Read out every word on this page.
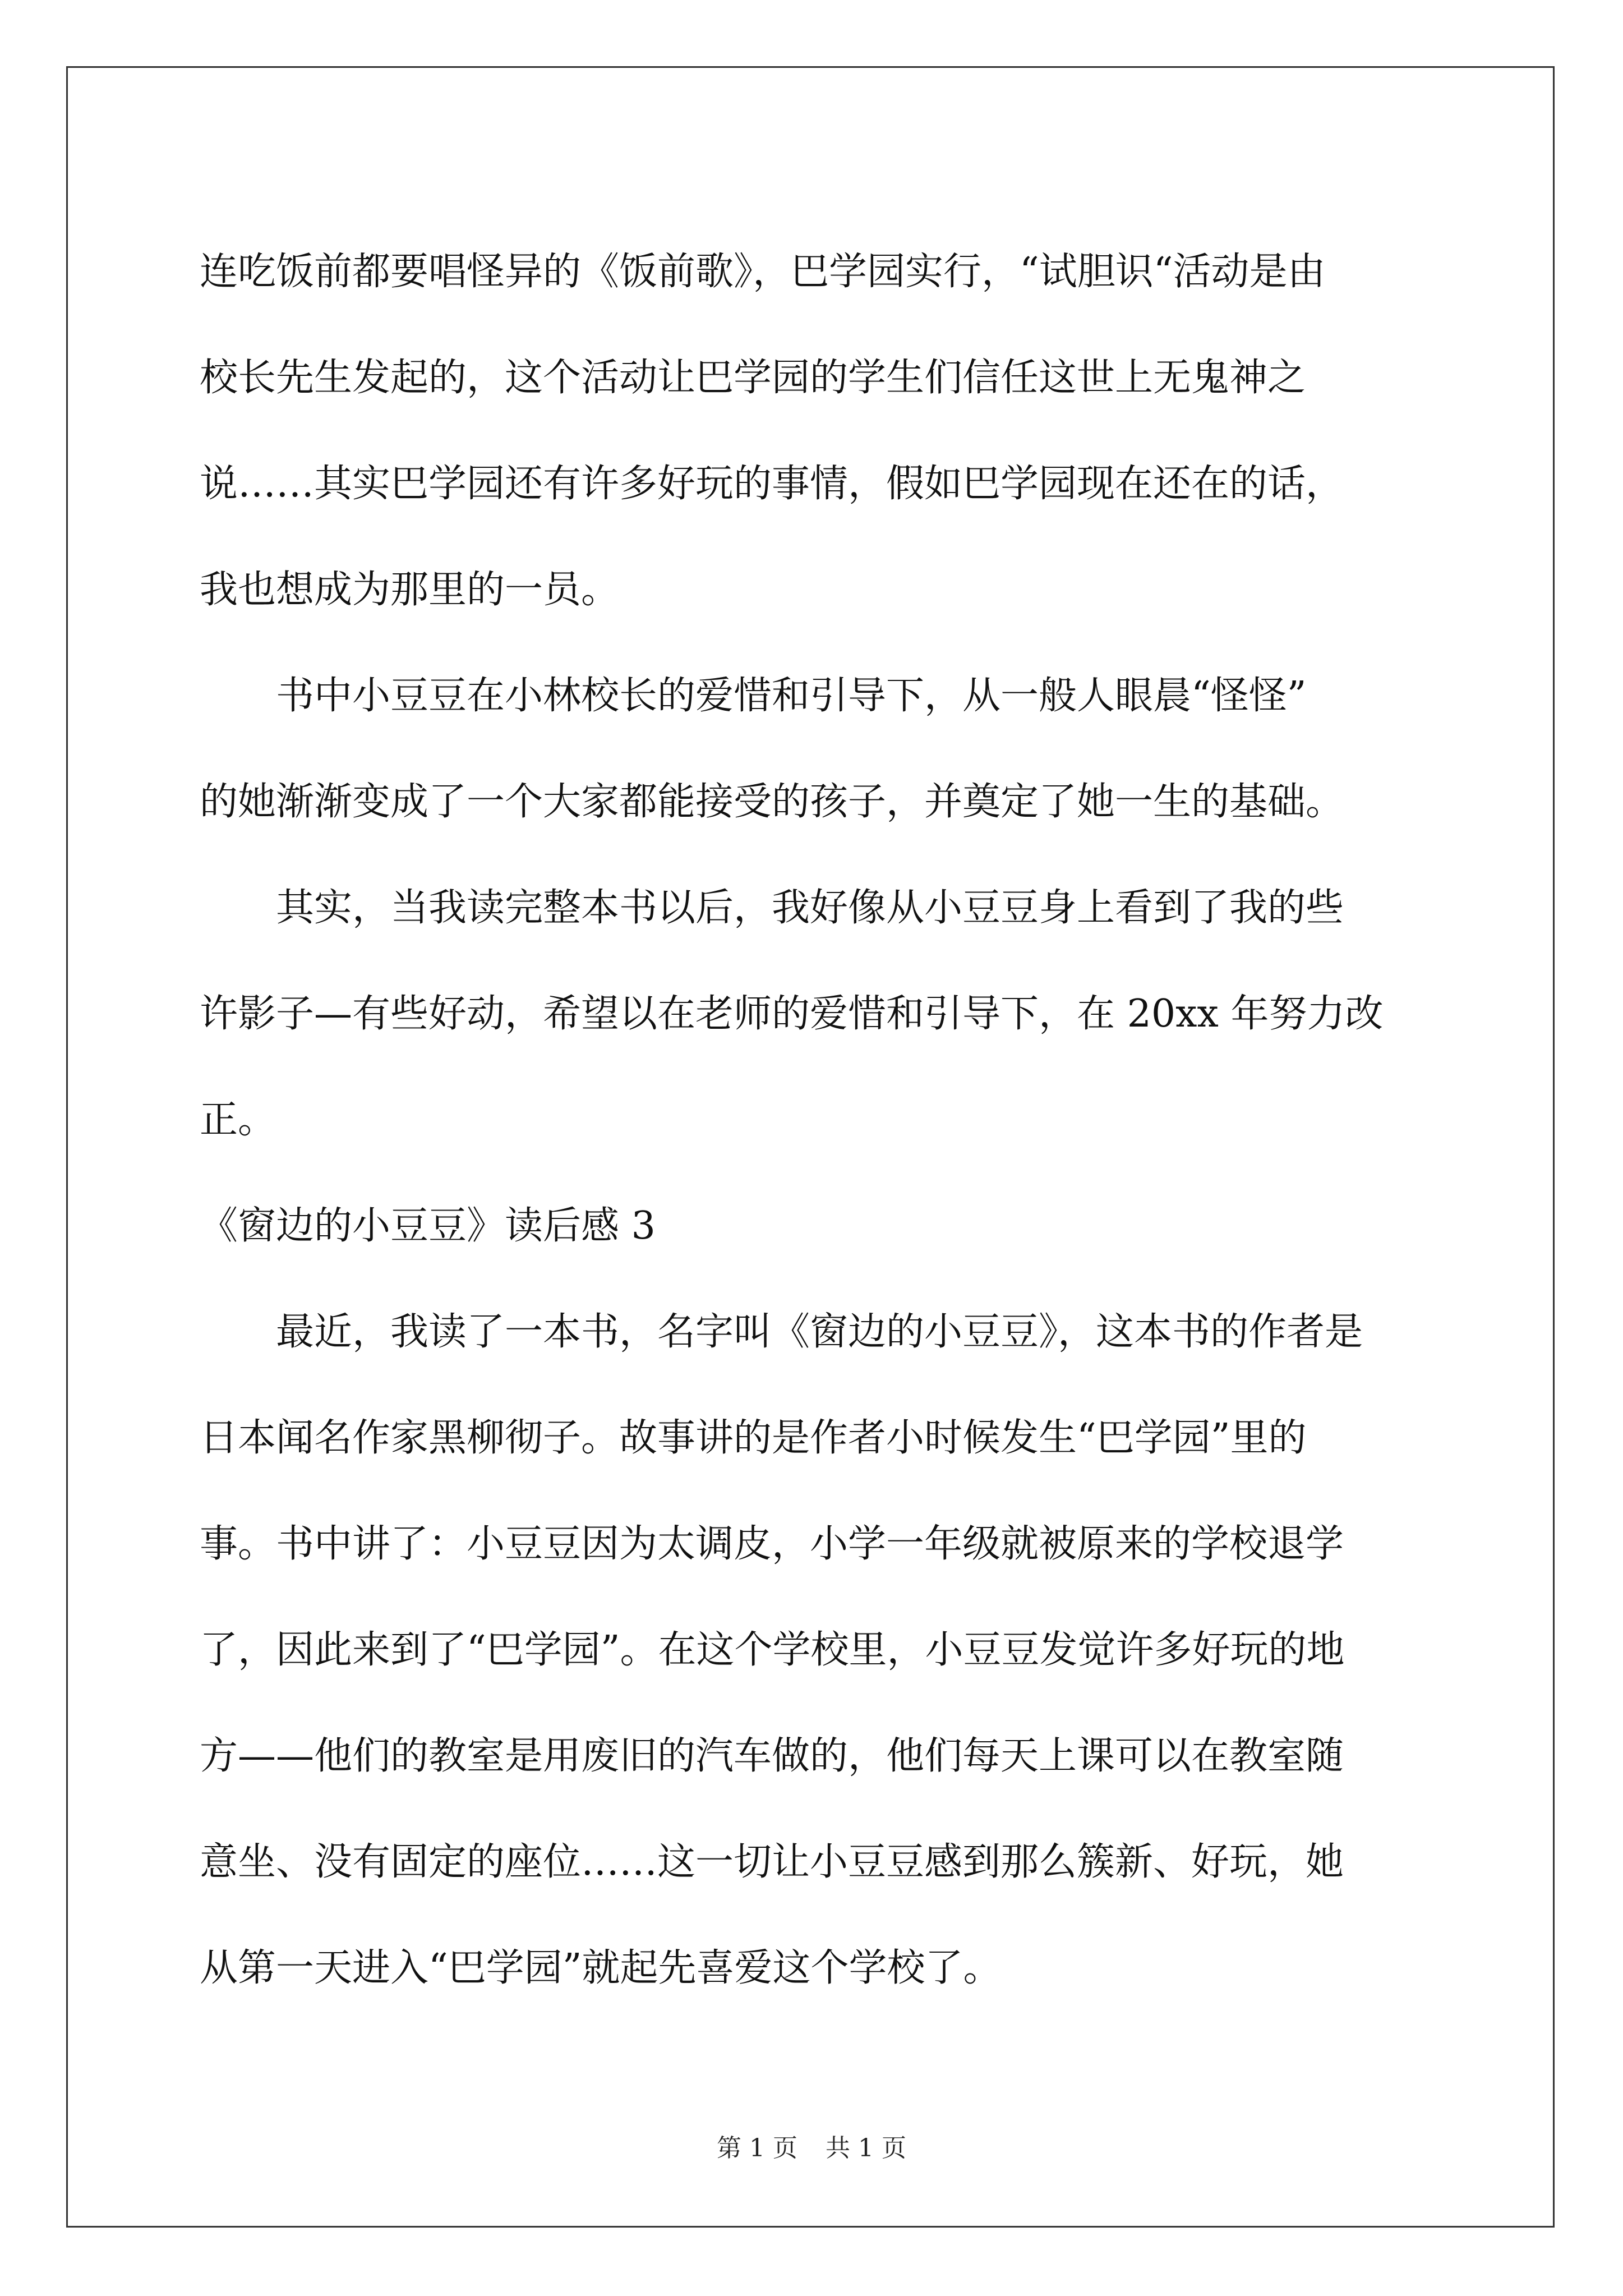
连吃饭前都要唱怪异的《饭前歌》，巴学园实行，“试胆识“活动是由
校长先生发起的，这个活动让巴学园的学生们信任这世上无鬼神之
说……其实巴学园还有许多好玩的事情，假如巴学园现在还在的话，
我也想成为那里的一员。
　　书中小豆豆在小林校长的爱惜和引导下，从一般人眼晨“怪怪”
的她渐渐变成了一个大家都能接受的孩子，并奠定了她一生的基础。
　　其实，当我读完整本书以后，我好像从小豆豆身上看到了我的些
许影子—有些好动，希望以在老师的爱惜和引导下，在 20xx 年努力改
正。
《窗边的小豆豆》读后感 3
　　最近，我读了一本书，名字叫《窗边的小豆豆》，这本书的作者是
日本闻名作家黑柳彻子。故事讲的是作者小时候发生“巴学园”里的
事。书中讲了：小豆豆因为太调皮，小学一年级就被原来的学校退学
了，因此来到了“巴学园”。在这个学校里，小豆豆发觉许多好玩的地
方——他们的教室是用废旧的汽车做的，他们每天上课可以在教室随
意坐、没有固定的座位……这一切让小豆豆感到那么簇新、好玩，她
从第一天进入“巴学园”就起先喜爱这个学校了。
第 1 页 共 1 页
